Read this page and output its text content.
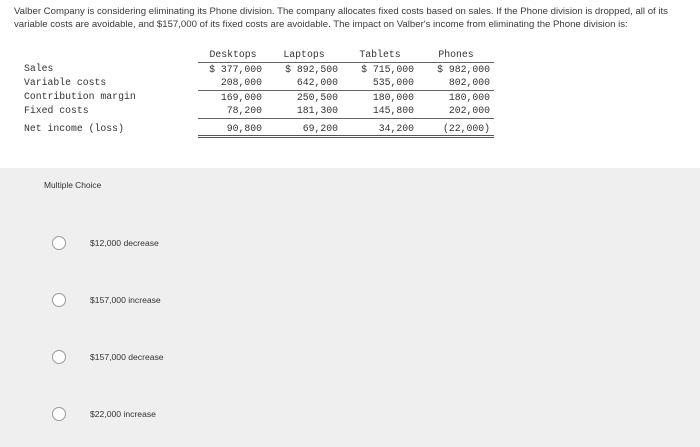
Valber Company is considering eliminating its Phone division. The company allocates fixed costs based on sales. If the Phone division is dropped, all of its variable costs are avoidable, and $157,000 of its fixed costs are avoidable. The impact on Valber's income from eliminating the Phone division is:
	Desktops	Laptops	Tablets	Phones
Sales	$ 377,000	$ 892,500	$ 715,000	$ 982,000
Variable costs	208,000	642,000	535,000	802,000
Contribution margin	169,000	250,500	180,000	180,000
Fixed costs	78,200	181,300	145,800	202,000
Net income (loss)	90,800	69,200	34,200	(22,000)
Multiple Choice
$12,000 decrease
$157,000 increase
$157,000 decrease
$22,000 increase
